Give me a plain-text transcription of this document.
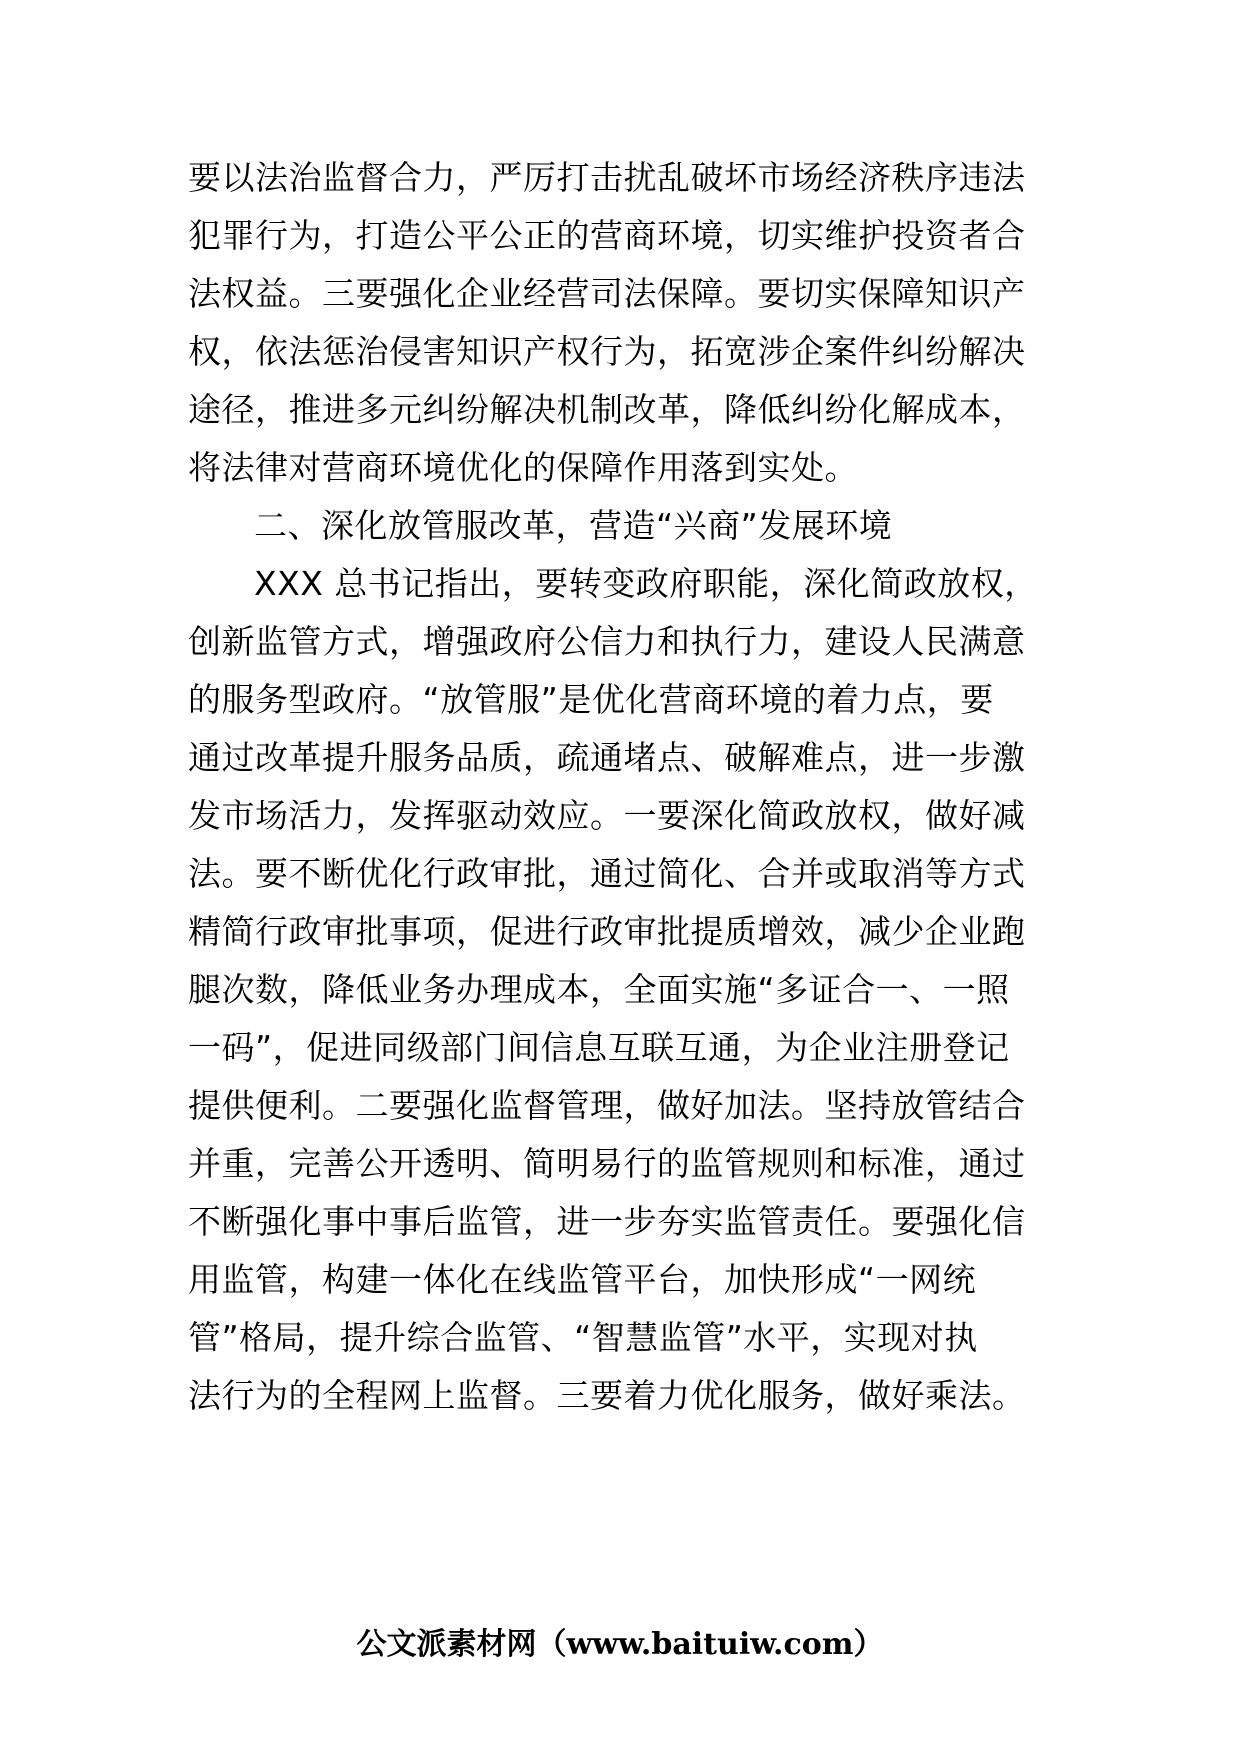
要以法治监督合力，严厉打击扰乱破坏市场经济秩序违法
犯罪行为，打造公平公正的营商环境，切实维护投资者合
法权益。三要强化企业经营司法保障。要切实保障知识产
权，依法惩治侵害知识产权行为，拓宽涉企案件纠纷解决
途径，推进多元纠纷解决机制改革，降低纠纷化解成本，
将法律对营商环境优化的保障作用落到实处。
二、深化放管服改革，营造“兴商”发展环境
XXX 总书记指出，要转变政府职能，深化简政放权，
创新监管方式，增强政府公信力和执行力，建设人民满意
的服务型政府。“放管服”是优化营商环境的着力点，要
通过改革提升服务品质，疏通堵点、破解难点，进一步激
发市场活力，发挥驱动效应。一要深化简政放权，做好减
法。要不断优化行政审批，通过简化、合并或取消等方式
精简行政审批事项，促进行政审批提质增效，减少企业跑
腿次数，降低业务办理成本，全面实施“多证合一、一照
一码”，促进同级部门间信息互联互通，为企业注册登记
提供便利。二要强化监督管理，做好加法。坚持放管结合
并重，完善公开透明、简明易行的监管规则和标准，通过
不断强化事中事后监管，进一步夯实监管责任。要强化信
用监管，构建一体化在线监管平台，加快形成“一网统
管”格局，提升综合监管、“智慧监管”水平，实现对执
法行为的全程网上监督。三要着力优化服务，做好乘法。
公文派素材网（www.baituiw.com）
